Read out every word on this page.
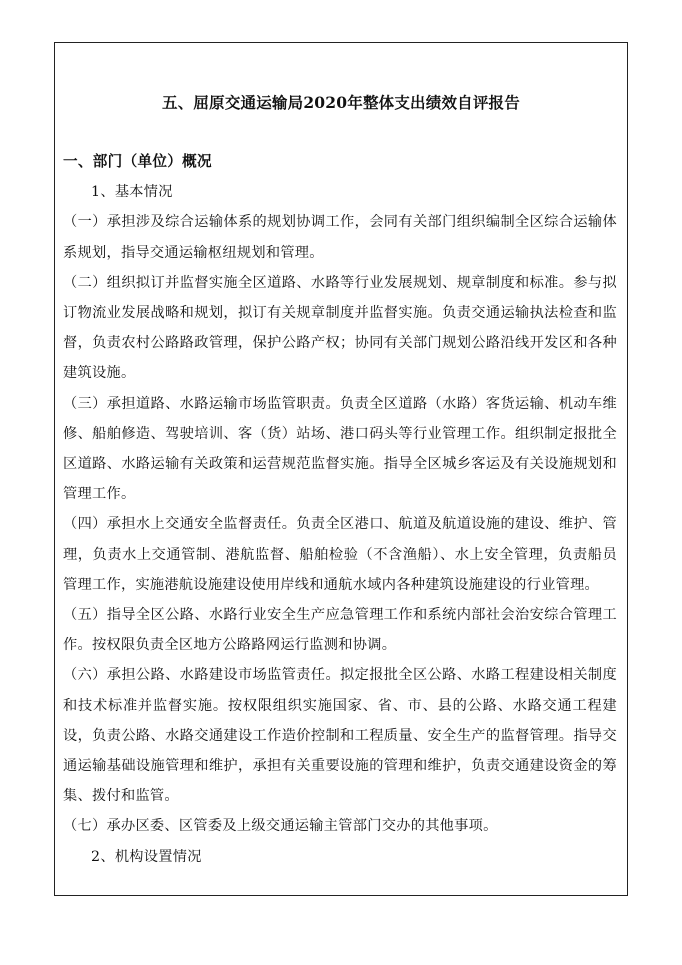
五、屈原交通运输局2020年整体支出绩效自评报告

一、部门（单位）概况

1、基本情况

（一）承担涉及综合运输体系的规划协调工作，会同有关部门组织编制全区综合运输体系规划，指导交通运输枢纽规划和管理。

（二）组织拟订并监督实施全区道路、水路等行业发展规划、规章制度和标准。参与拟订物流业发展战略和规划，拟订有关规章制度并监督实施。负责交通运输执法检查和监督，负责农村公路路政管理，保护公路产权；协同有关部门规划公路沿线开发区和各种建筑设施。

（三）承担道路、水路运输市场监管职责。负责全区道路（水路）客货运输、机动车维修、船舶修造、驾驶培训、客（货）站场、港口码头等行业管理工作。组织制定报批全区道路、水路运输有关政策和运营规范监督实施。指导全区城乡客运及有关设施规划和管理工作。

（四）承担水上交通安全监督责任。负责全区港口、航道及航道设施的建设、维护、管理，负责水上交通管制、港航监督、船舶检验（不含渔船）、水上安全管理，负责船员管理工作，实施港航设施建设使用岸线和通航水域内各种建筑设施建设的行业管理。

（五）指导全区公路、水路行业安全生产应急管理工作和系统内部社会治安综合管理工作。按权限负责全区地方公路路网运行监测和协调。

（六）承担公路、水路建设市场监管责任。拟定报批全区公路、水路工程建设相关制度和技术标准并监督实施。按权限组织实施国家、省、市、县的公路、水路交通工程建设，负责公路、水路交通建设工作造价控制和工程质量、安全生产的监督管理。指导交通运输基础设施管理和维护，承担有关重要设施的管理和维护，负责交通建设资金的筹集、拨付和监管。

（七）承办区委、区管委及上级交通运输主管部门交办的其他事项。

2、机构设置情况
